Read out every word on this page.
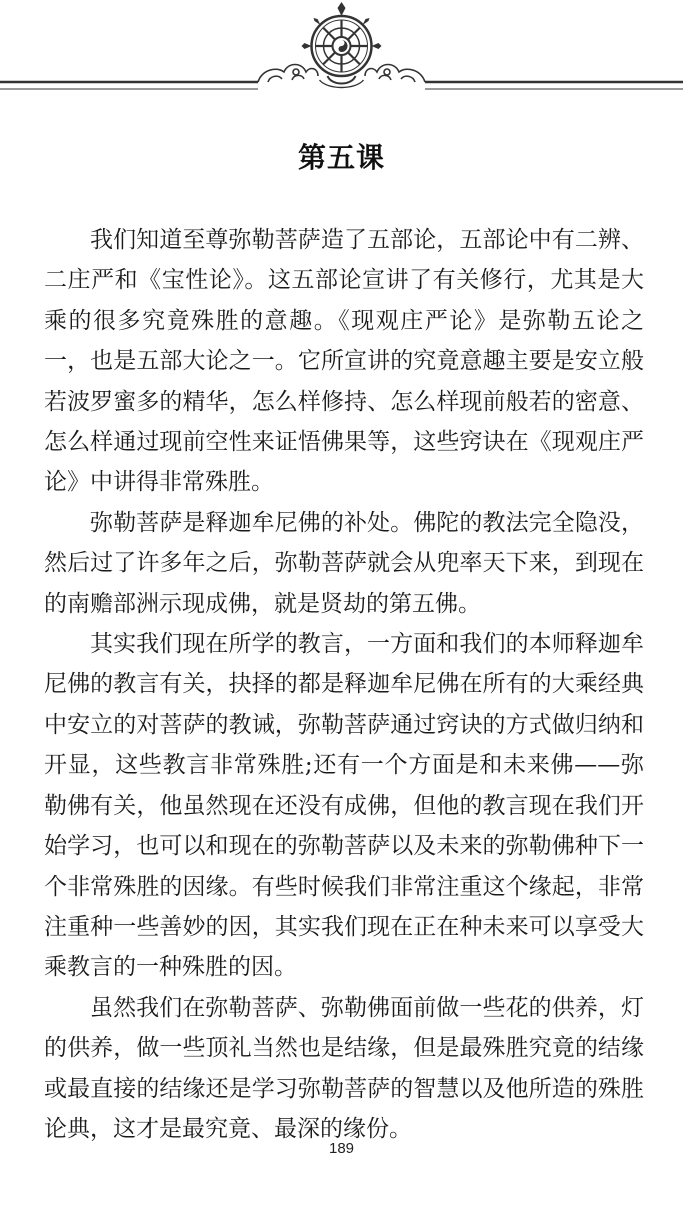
第五课

我们知道至尊弥勒菩萨造了五部论，五部论中有二辨、二庄严和《宝性论》。这五部论宣讲了有关修行，尤其是大乘的很多究竟殊胜的意趣。《现观庄严论》是弥勒五论之一，也是五部大论之一。它所宣讲的究竟意趣主要是安立般若波罗蜜多的精华，怎么样修持、怎么样现前般若的密意、怎么样通过现前空性来证悟佛果等，这些窍诀在《现观庄严论》中讲得非常殊胜。

弥勒菩萨是释迦牟尼佛的补处。佛陀的教法完全隐没，然后过了许多年之后，弥勒菩萨就会从兜率天下来，到现在的南赡部洲示现成佛，就是贤劫的第五佛。

其实我们现在所学的教言，一方面和我们的本师释迦牟尼佛的教言有关，抉择的都是释迦牟尼佛在所有的大乘经典中安立的对菩萨的教诫，弥勒菩萨通过窍诀的方式做归纳和开显，这些教言非常殊胜;还有一个方面是和未来佛——弥勒佛有关，他虽然现在还没有成佛，但他的教言现在我们开始学习，也可以和现在的弥勒菩萨以及未来的弥勒佛种下一个非常殊胜的因缘。有些时候我们非常注重这个缘起，非常注重种一些善妙的因，其实我们现在正在种未来可以享受大乘教言的一种殊胜的因。

虽然我们在弥勒菩萨、弥勒佛面前做一些花的供养，灯的供养，做一些顶礼当然也是结缘，但是最殊胜究竟的结缘或最直接的结缘还是学习弥勒菩萨的智慧以及他所造的殊胜论典，这才是最究竟、最深的缘份。

189
